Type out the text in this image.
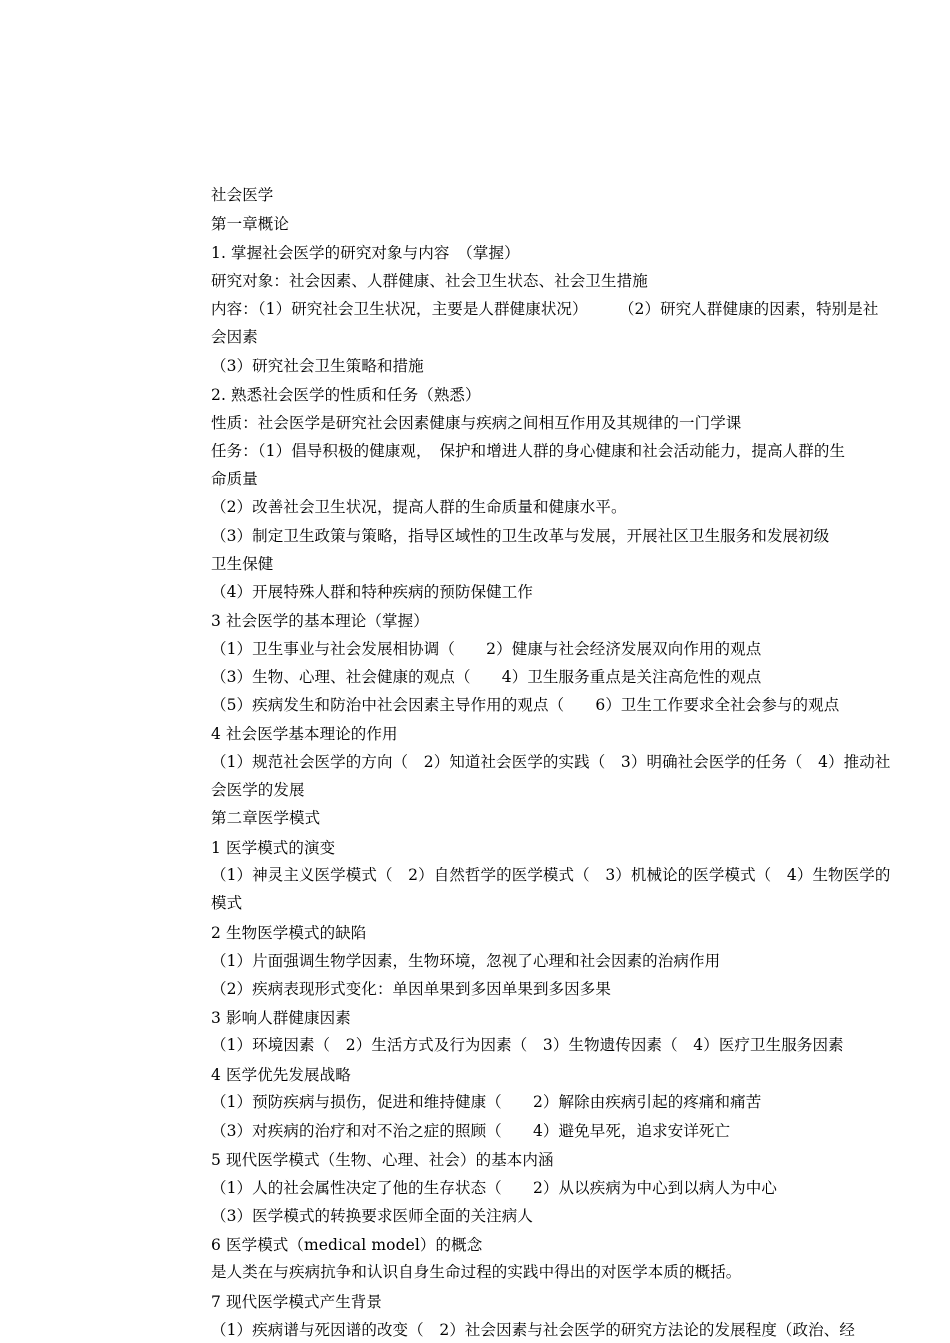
社会医学

第一章概论

1. 掌握社会医学的研究对象与内容　（掌握）

研究对象：社会因素、人群健康、社会卫生状态、社会卫生措施

内容：（1）研究社会卫生状况，主要是人群健康状况）　　　（2）研究人群健康的因素，特别是社

会因素

（3）研究社会卫生策略和措施

2. 熟悉社会医学的性质和任务（熟悉）

性质：社会医学是研究社会因素健康与疾病之间相互作用及其规律的一门学课

任务：（1）倡导积极的健康观，　保护和增进人群的身心健康和社会活动能力，提高人群的生

命质量

（2）改善社会卫生状况，提高人群的生命质量和健康水平。

（3）制定卫生政策与策略，指导区域性的卫生改革与发展，开展社区卫生服务和发展初级

卫生保健

（4）开展特殊人群和特种疾病的预防保健工作

3 社会医学的基本理论（掌握）

（1）卫生事业与社会发展相协调（　　2）健康与社会经济发展双向作用的观点

（3）生物、心理、社会健康的观点（　　4）卫生服务重点是关注高危性的观点

（5）疾病发生和防治中社会因素主导作用的观点（　　6）卫生工作要求全社会参与的观点

4 社会医学基本理论的作用

（1）规范社会医学的方向（　2）知道社会医学的实践（　3）明确社会医学的任务（　4）推动社

会医学的发展

第二章医学模式

1 医学模式的演变

（1）神灵主义医学模式（　2）自然哲学的医学模式（　3）机械论的医学模式（　4）生物医学的

模式

2 生物医学模式的缺陷

（1）片面强调生物学因素，生物环境，忽视了心理和社会因素的治病作用

（2）疾病表现形式变化：单因单果到多因单果到多因多果

3 影响人群健康因素

（1）环境因素（　2）生活方式及行为因素（　3）生物遗传因素（　4）医疗卫生服务因素

4 医学优先发展战略

（1）预防疾病与损伤，促进和维持健康（　　2）解除由疾病引起的疼痛和痛苦

（3）对疾病的治疗和对不治之症的照顾（　　4）避免早死，追求安详死亡

5 现代医学模式（生物、心理、社会）的基本内涵

（1）人的社会属性决定了他的生存状态（　　2）从以疾病为中心到以病人为中心

（3）医学模式的转换要求医师全面的关注病人

6 医学模式（medical model）的概念

是人类在与疾病抗争和认识自身生命过程的实践中得出的对医学本质的概括。

7 现代医学模式产生背景

（1）疾病谱与死因谱的改变（　2）社会因素与社会医学的研究方法论的发展程度（政治、经
